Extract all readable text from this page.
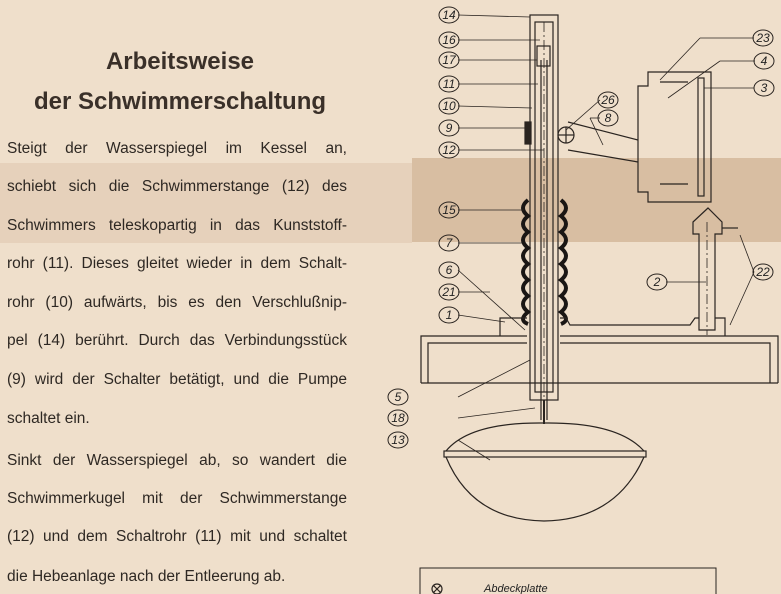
Arbeitsweise
der Schwimmerschaltung
Steigt der Wasserspiegel im Kessel an,
schiebt sich die Schwimmerstange (12) des
Schwimmers teleskopartig in das Kunststoff-
rohr (11). Dieses gleitet wieder in dem Schalt-
rohr (10) aufwärts, bis es den Verschlußnip-
pel (14) berührt. Durch das Verbindungsstück
(9) wird der Schalter betätigt, und die Pumpe
schaltet ein.
Sinkt der Wasserspiegel ab, so wandert die
Schwimmerkugel mit der Schwimmerstange
(12) und dem Schaltrohr (11) mit und schaltet
die Hebeanlage nach der Entleerung ab.
14
16
17
11
10
9
12
15
7
6
21
1
5
18
13
23
4
3
26
8
2
22
Abdeckplatte
